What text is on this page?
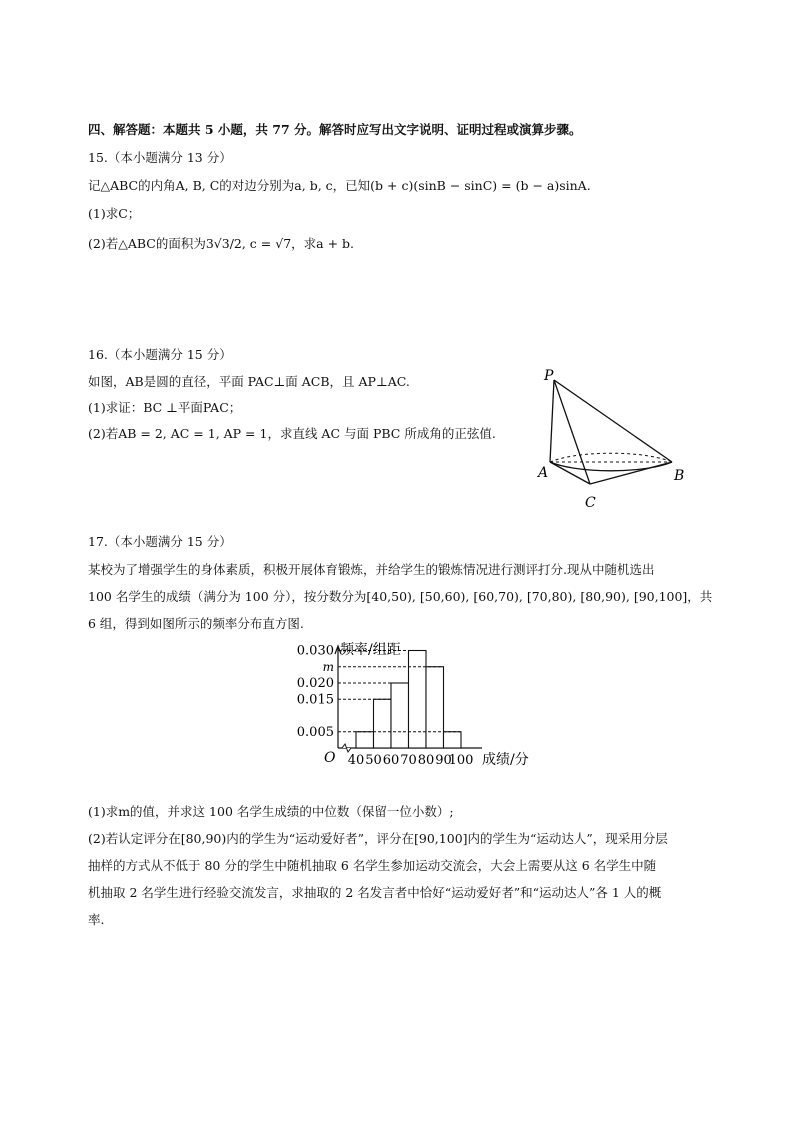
四、解答题：本题共 5 小题，共 77 分。解答时应写出文字说明、证明过程或演算步骤。
15.（本小题满分 13 分）
记△ABC的内角A, B, C的对边分别为a, b, c，已知(b + c)(sinB − sinC) = (b − a)sinA.
(1)求C；
(2)若△ABC的面积为3√3/2, c = √7，求a + b.
16.（本小题满分 15 分）
如图，AB是圆的直径，平面 PAC⊥面 ACB，且 AP⊥AC.
(1)求证：BC ⊥平面PAC；
(2)若AB = 2, AC = 1, AP = 1，求直线 AC 与面 PBC 所成角的正弦值.
P
A	B
C
17.（本小题满分 15 分）
某校为了增强学生的身体素质，积极开展体育锻炼，并给学生的锻炼情况进行测评打分.现从中随机选出
100 名学生的成绩（满分为 100 分），按分数分为[40,50), [50,60), [60,70), [70,80), [80,90), [90,100]，共
6 组，得到如图所示的频率分布直方图.
0.030
m
0.020
0.015
0.005
40 50 60 70 80 90
100
O
频率/组距
成绩/分
(1)求m的值，并求这 100 名学生成绩的中位数（保留一位小数）;
(2)若认定评分在[80,90)内的学生为“运动爱好者”，评分在[90,100]内的学生为“运动达人”，现采用分层
抽样的方式从不低于 80 分的学生中随机抽取 6 名学生参加运动交流会，大会上需要从这 6 名学生中随
机抽取 2 名学生进行经验交流发言，求抽取的 2 名发言者中恰好“运动爱好者”和“运动达人”各 1 人的概
率.
